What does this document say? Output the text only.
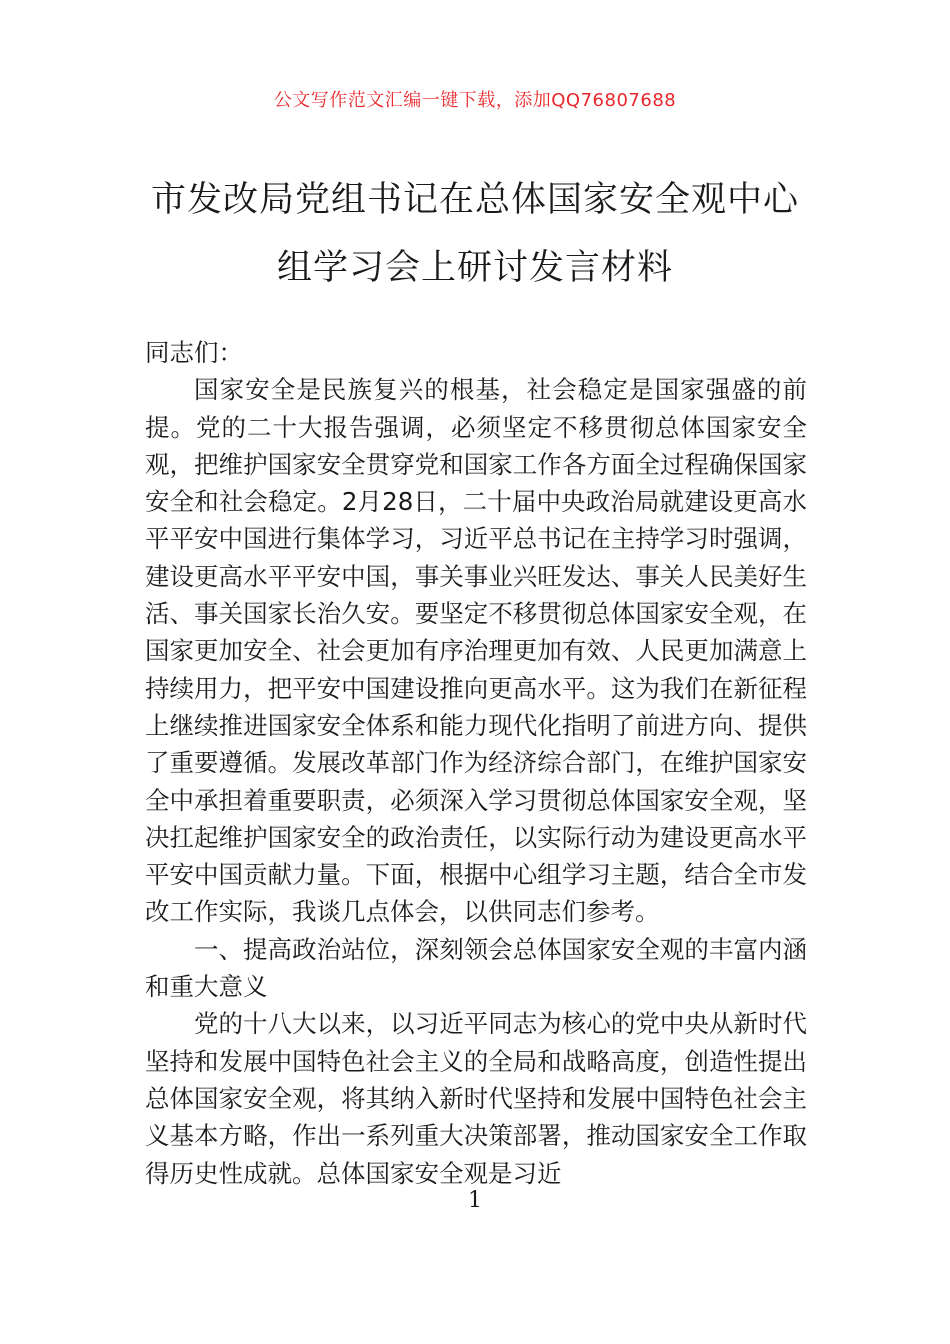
公文写作范文汇编一键下载，添加QQ76807688
市发改局党组书记在总体国家安全观中心
组学习会上研讨发言材料

同志们：

国家安全是民族复兴的根基，社会稳定是国家强盛的前提。党的二十大报告强调，必须坚定不移贯彻总体国家安全观，把维护国家安全贯穿党和国家工作各方面全过程确保国家安全和社会稳定。2月28日，二十届中央政治局就建设更高水平平安中国进行集体学习，习近平总书记在主持学习时强调，建设更高水平平安中国，事关事业兴旺发达、事关人民美好生活、事关国家长治久安。要坚定不移贯彻总体国家安全观，在国家更加安全、社会更加有序治理更加有效、人民更加满意上持续用力，把平安中国建设推向更高水平。这为我们在新征程上继续推进国家安全体系和能力现代化指明了前进方向、提供了重要遵循。发展改革部门作为经济综合部门，在维护国家安全中承担着重要职责，必须深入学习贯彻总体国家安全观，坚决扛起维护国家安全的政治责任，以实际行动为建设更高水平平安中国贡献力量。下面，根据中心组学习主题，结合全市发改工作实际，我谈几点体会，以供同志们参考。

一、提高政治站位，深刻领会总体国家安全观的丰富内涵和重大意义

党的十八大以来，以习近平同志为核心的党中央从新时代坚持和发展中国特色社会主义的全局和战略高度，创造性提出总体国家安全观，将其纳入新时代坚持和发展中国特色社会主义基本方略，作出一系列重大决策部署，推动国家安全工作取得历史性成就。总体国家安全观是习近

1
